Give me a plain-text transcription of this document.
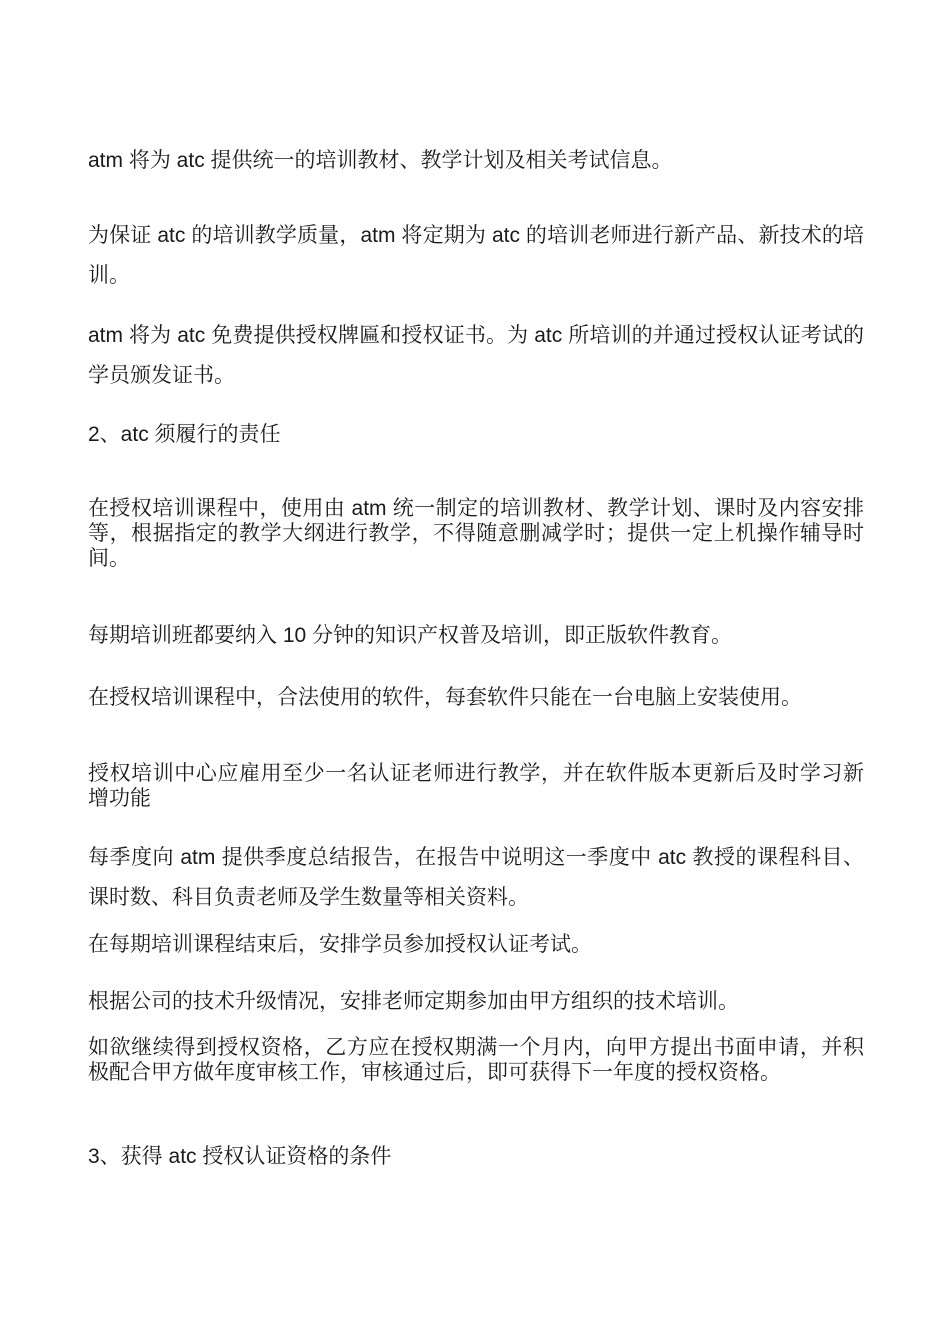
atm 将为 atc 提供统一的培训教材、教学计划及相关考试信息。

为保证 atc 的培训教学质量，atm 将定期为 atc 的培训老师进行新产品、新技术的培训。

atm 将为 atc 免费提供授权牌匾和授权证书。为 atc 所培训的并通过授权认证考试的学员颁发证书。

2、atc 须履行的责任

在授权培训课程中，使用由 atm 统一制定的培训教材、教学计划、课时及内容安排等，根据指定的教学大纲进行教学，不得随意删减学时；提供一定上机操作辅导时间。

每期培训班都要纳入 10 分钟的知识产权普及培训，即正版软件教育。

在授权培训课程中，合法使用的软件，每套软件只能在一台电脑上安装使用。

授权培训中心应雇用至少一名认证老师进行教学，并在软件版本更新后及时学习新增功能

每季度向 atm 提供季度总结报告，在报告中说明这一季度中 atc 教授的课程科目、课时数、科目负责老师及学生数量等相关资料。

在每期培训课程结束后，安排学员参加授权认证考试。

根据公司的技术升级情况，安排老师定期参加由甲方组织的技术培训。

如欲继续得到授权资格，乙方应在授权期满一个月内，向甲方提出书面申请，并积极配合甲方做年度审核工作，审核通过后，即可获得下一年度的授权资格。

3、获得 atc 授权认证资格的条件
